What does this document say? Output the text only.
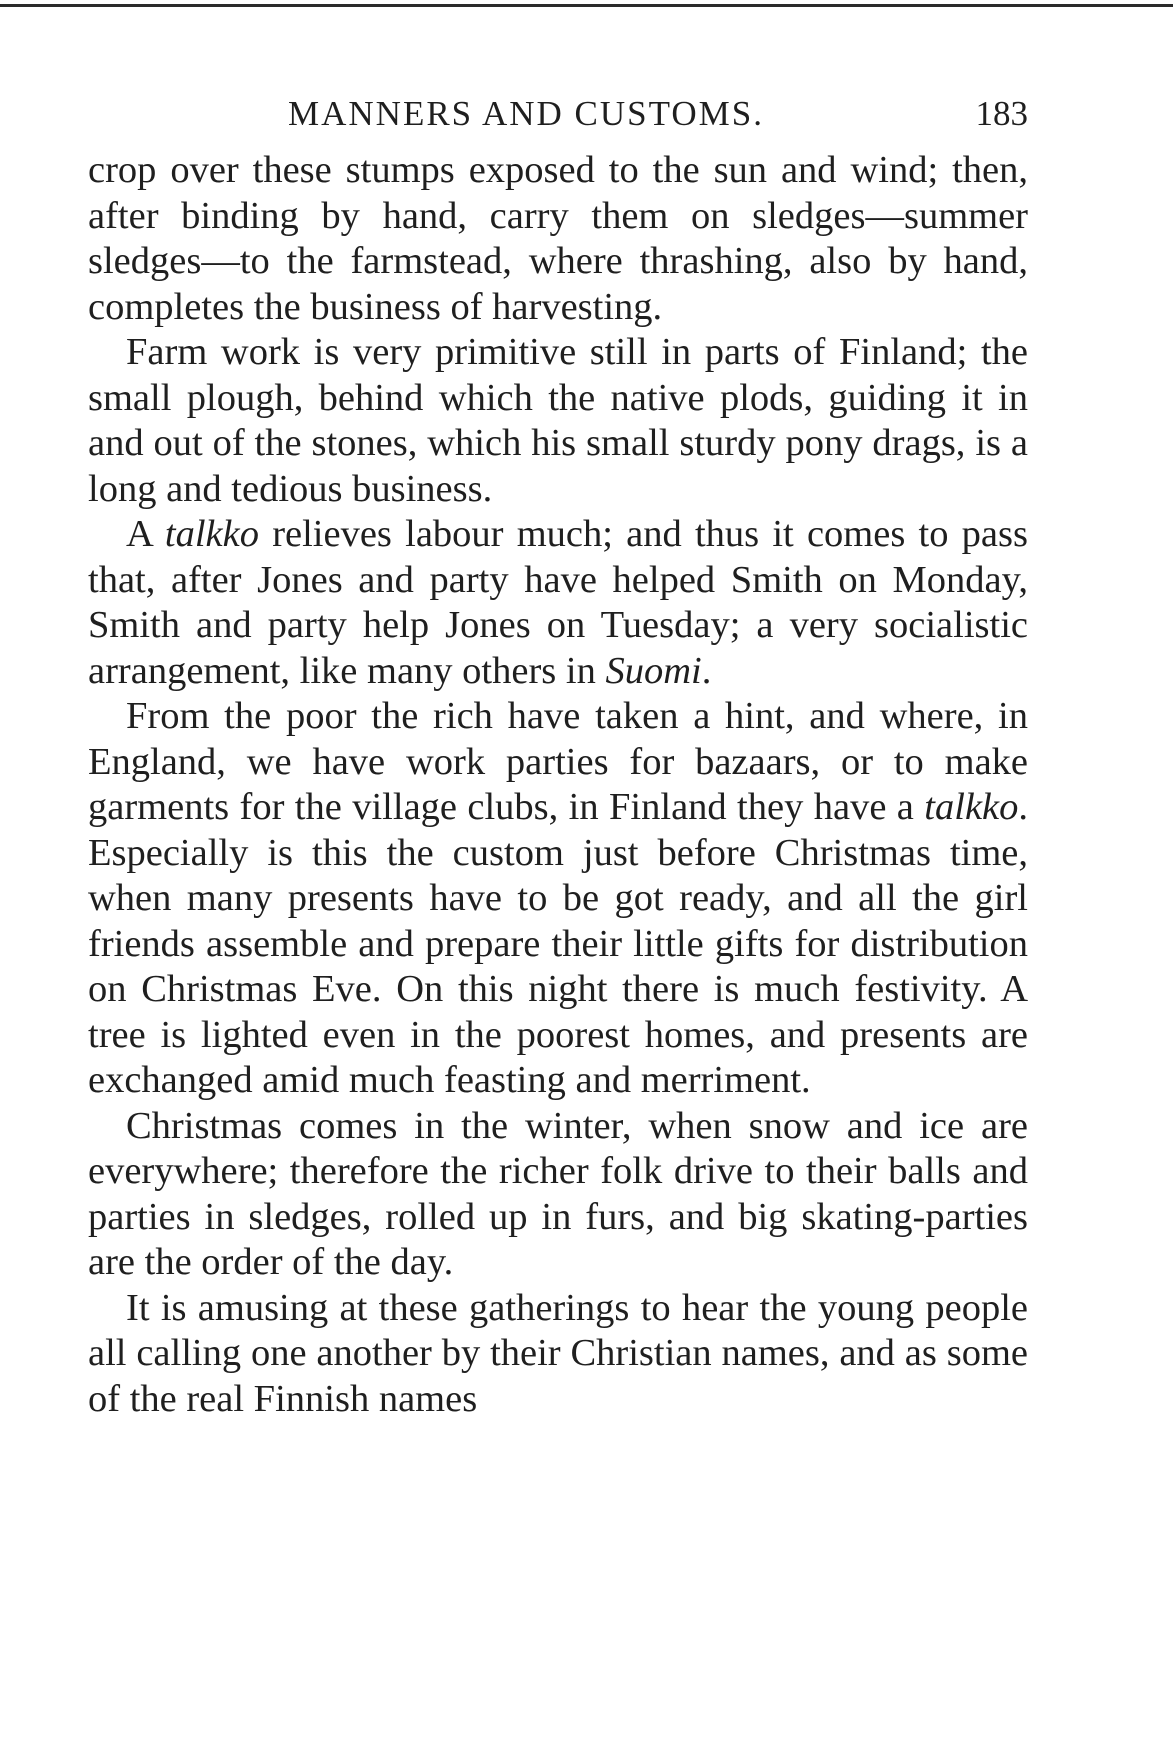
MANNERS AND CUSTOMS.	183

crop over these stumps exposed to the sun and wind; then, after binding by hand, carry them on sledges—summer sledges—to the farmstead, where thrashing, also by hand, completes the business of harvesting.

Farm work is very primitive still in parts of Finland; the small plough, behind which the native plods, guiding it in and out of the stones, which his small sturdy pony drags, is a long and tedious business.

A talkko relieves labour much; and thus it comes to pass that, after Jones and party have helped Smith on Monday, Smith and party help Jones on Tuesday; a very socialistic arrangement, like many others in Suomi.

From the poor the rich have taken a hint, and where, in England, we have work parties for bazaars, or to make garments for the village clubs, in Finland they have a talkko. Especially is this the custom just before Christmas time, when many presents have to be got ready, and all the girl friends assemble and prepare their little gifts for distribution on Christmas Eve. On this night there is much festivity. A tree is lighted even in the poorest homes, and presents are exchanged amid much feasting and merriment.

Christmas comes in the winter, when snow and ice are everywhere; therefore the richer folk drive to their balls and parties in sledges, rolled up in furs, and big skating-parties are the order of the day.

It is amusing at these gatherings to hear the young people all calling one another by their Christian names, and as some of the real Finnish names
